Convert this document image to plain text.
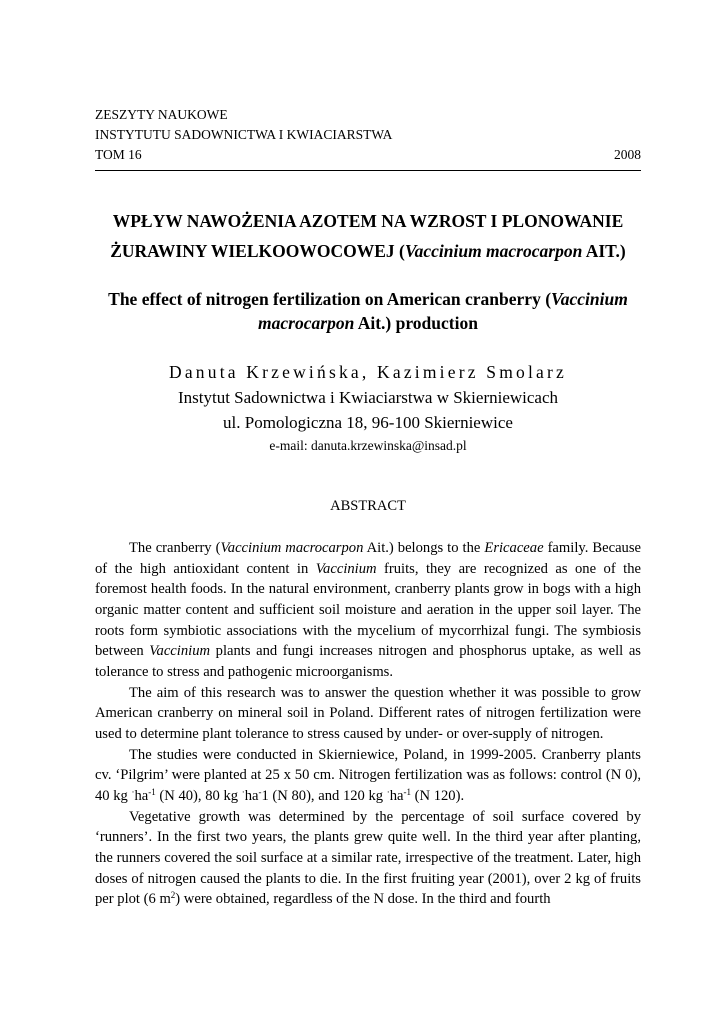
ZESZYTY NAUKOWE
INSTYTUTU SADOWNICTWA I KWIACIARSTWA
TOM 16	2008
WPŁYW NAWOŻENIA AZOTEM NA WZROST I PLONOWANIE ŻURAWINY WIELKOOWOCOWEJ (Vaccinium macrocarpon AIT.)
The effect of nitrogen fertilization on American cranberry (Vaccinium macrocarpon Ait.) production
Danuta Krzewińska, Kazimierz Smolarz
Instytut Sadownictwa i Kwiaciarstwa w Skierniewicach
ul. Pomologiczna 18, 96-100 Skierniewice
e-mail: danuta.krzewinska@insad.pl
ABSTRACT

The cranberry (Vaccinium macrocarpon Ait.) belongs to the Ericaceae family. Because of the high antioxidant content in Vaccinium fruits, they are recognized as one of the foremost health foods. In the natural environment, cranberry plants grow in bogs with a high organic matter content and sufficient soil moisture and aeration in the upper soil layer. The roots form symbiotic associations with the mycelium of mycorrhizal fungi. The symbiosis between Vaccinium plants and fungi increases nitrogen and phosphorus uptake, as well as tolerance to stress and pathogenic microorganisms.

The aim of this research was to answer the question whether it was possible to grow American cranberry on mineral soil in Poland. Different rates of nitrogen fertilization were used to determine plant tolerance to stress caused by under- or over-supply of nitrogen.

The studies were conducted in Skierniewice, Poland, in 1999-2005. Cranberry plants cv. ‘Pilgrim’ were planted at 25 x 50 cm. Nitrogen fertilization was as follows: control (N 0), 40 kg $^\cdot ha^{-1}$ (N 40), 80 kg ·ha-1 (N 80), and 120 kg $^\cdot ha^{-1}$ (N 120).

Vegetative growth was determined by the percentage of soil surface covered by ‘runners’. In the first two years, the plants grew quite well. In the third year after planting, the runners covered the soil surface at a similar rate, irrespective of the treatment. Later, high doses of nitrogen caused the plants to die. In the first fruiting year (2001), over 2 kg of fruits per plot (6 $m^2$) were obtained, regardless of the N dose. In the third and fourth
